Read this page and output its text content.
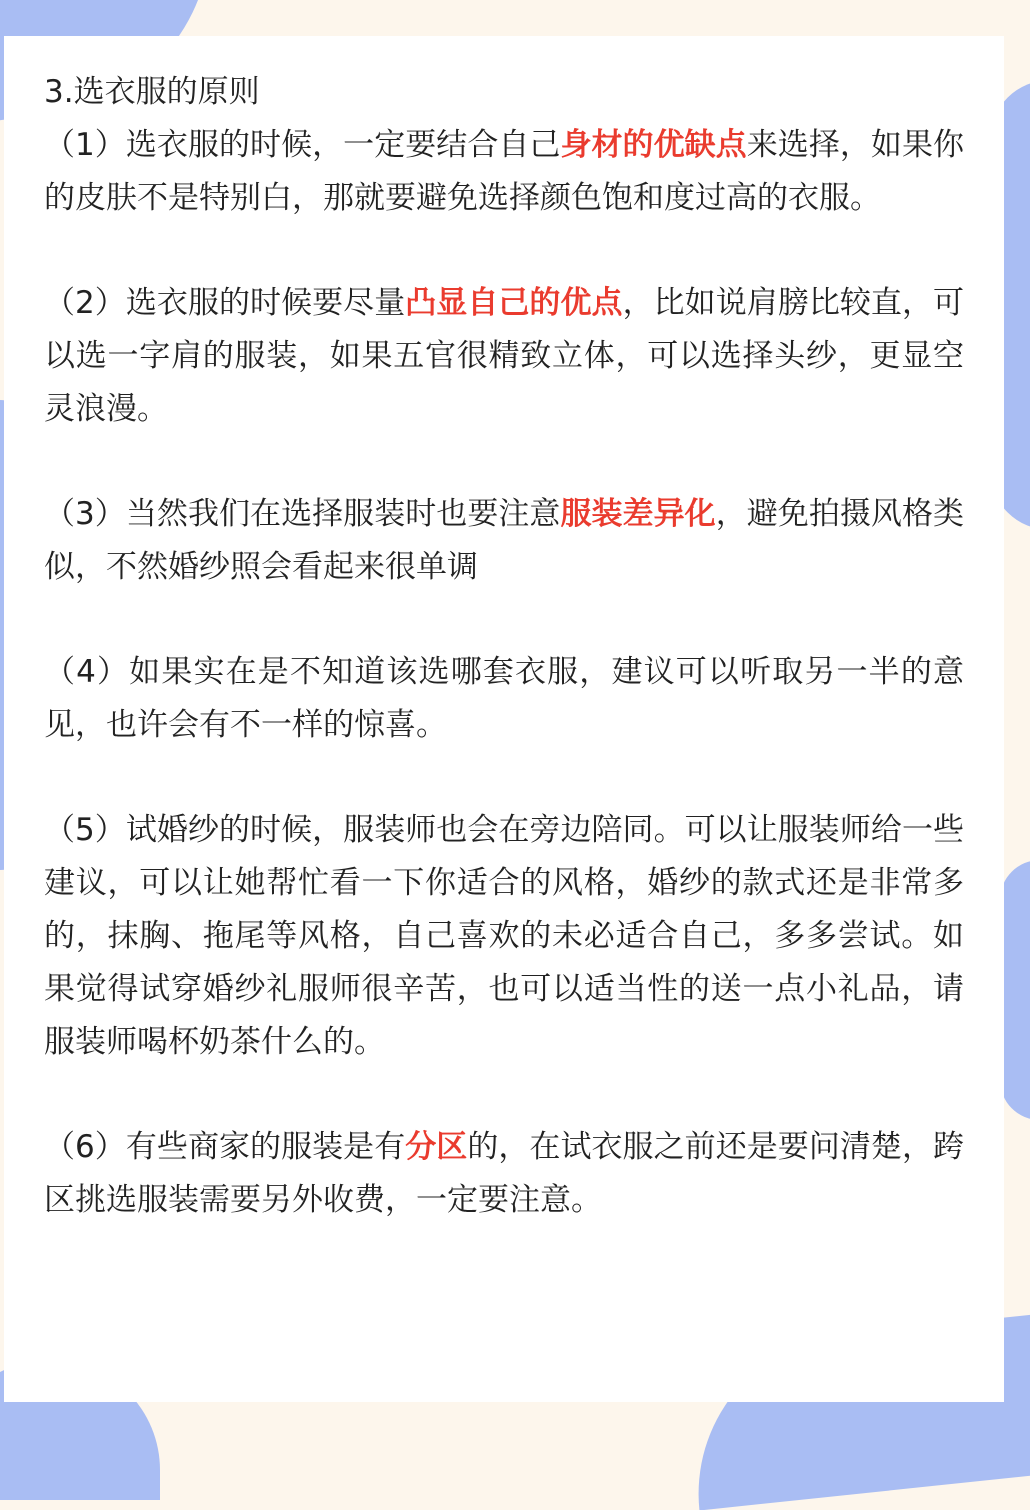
3.选衣服的原则

（1）选衣服的时候，一定要结合自己身材的优缺点来选择，如果你的皮肤不是特别白，那就要避免选择颜色饱和度过高的衣服。

（2）选衣服的时候要尽量凸显自己的优点，比如说肩膀比较直，可以选一字肩的服装，如果五官很精致立体，可以选择头纱，更显空灵浪漫。

（3）当然我们在选择服装时也要注意服装差异化，避免拍摄风格类似，不然婚纱照会看起来很单调

（4）如果实在是不知道该选哪套衣服，建议可以听取另一半的意见，也许会有不一样的惊喜。

（5）试婚纱的时候，服装师也会在旁边陪同。可以让服装师给一些建议，可以让她帮忙看一下你适合的风格，婚纱的款式还是非常多的，抹胸、拖尾等风格，自己喜欢的未必适合自己，多多尝试。如果觉得试穿婚纱礼服师很辛苦，也可以适当性的送一点小礼品，请服装师喝杯奶茶什么的。

（6）有些商家的服装是有分区的，在试衣服之前还是要问清楚，跨区挑选服装需要另外收费，一定要注意。
